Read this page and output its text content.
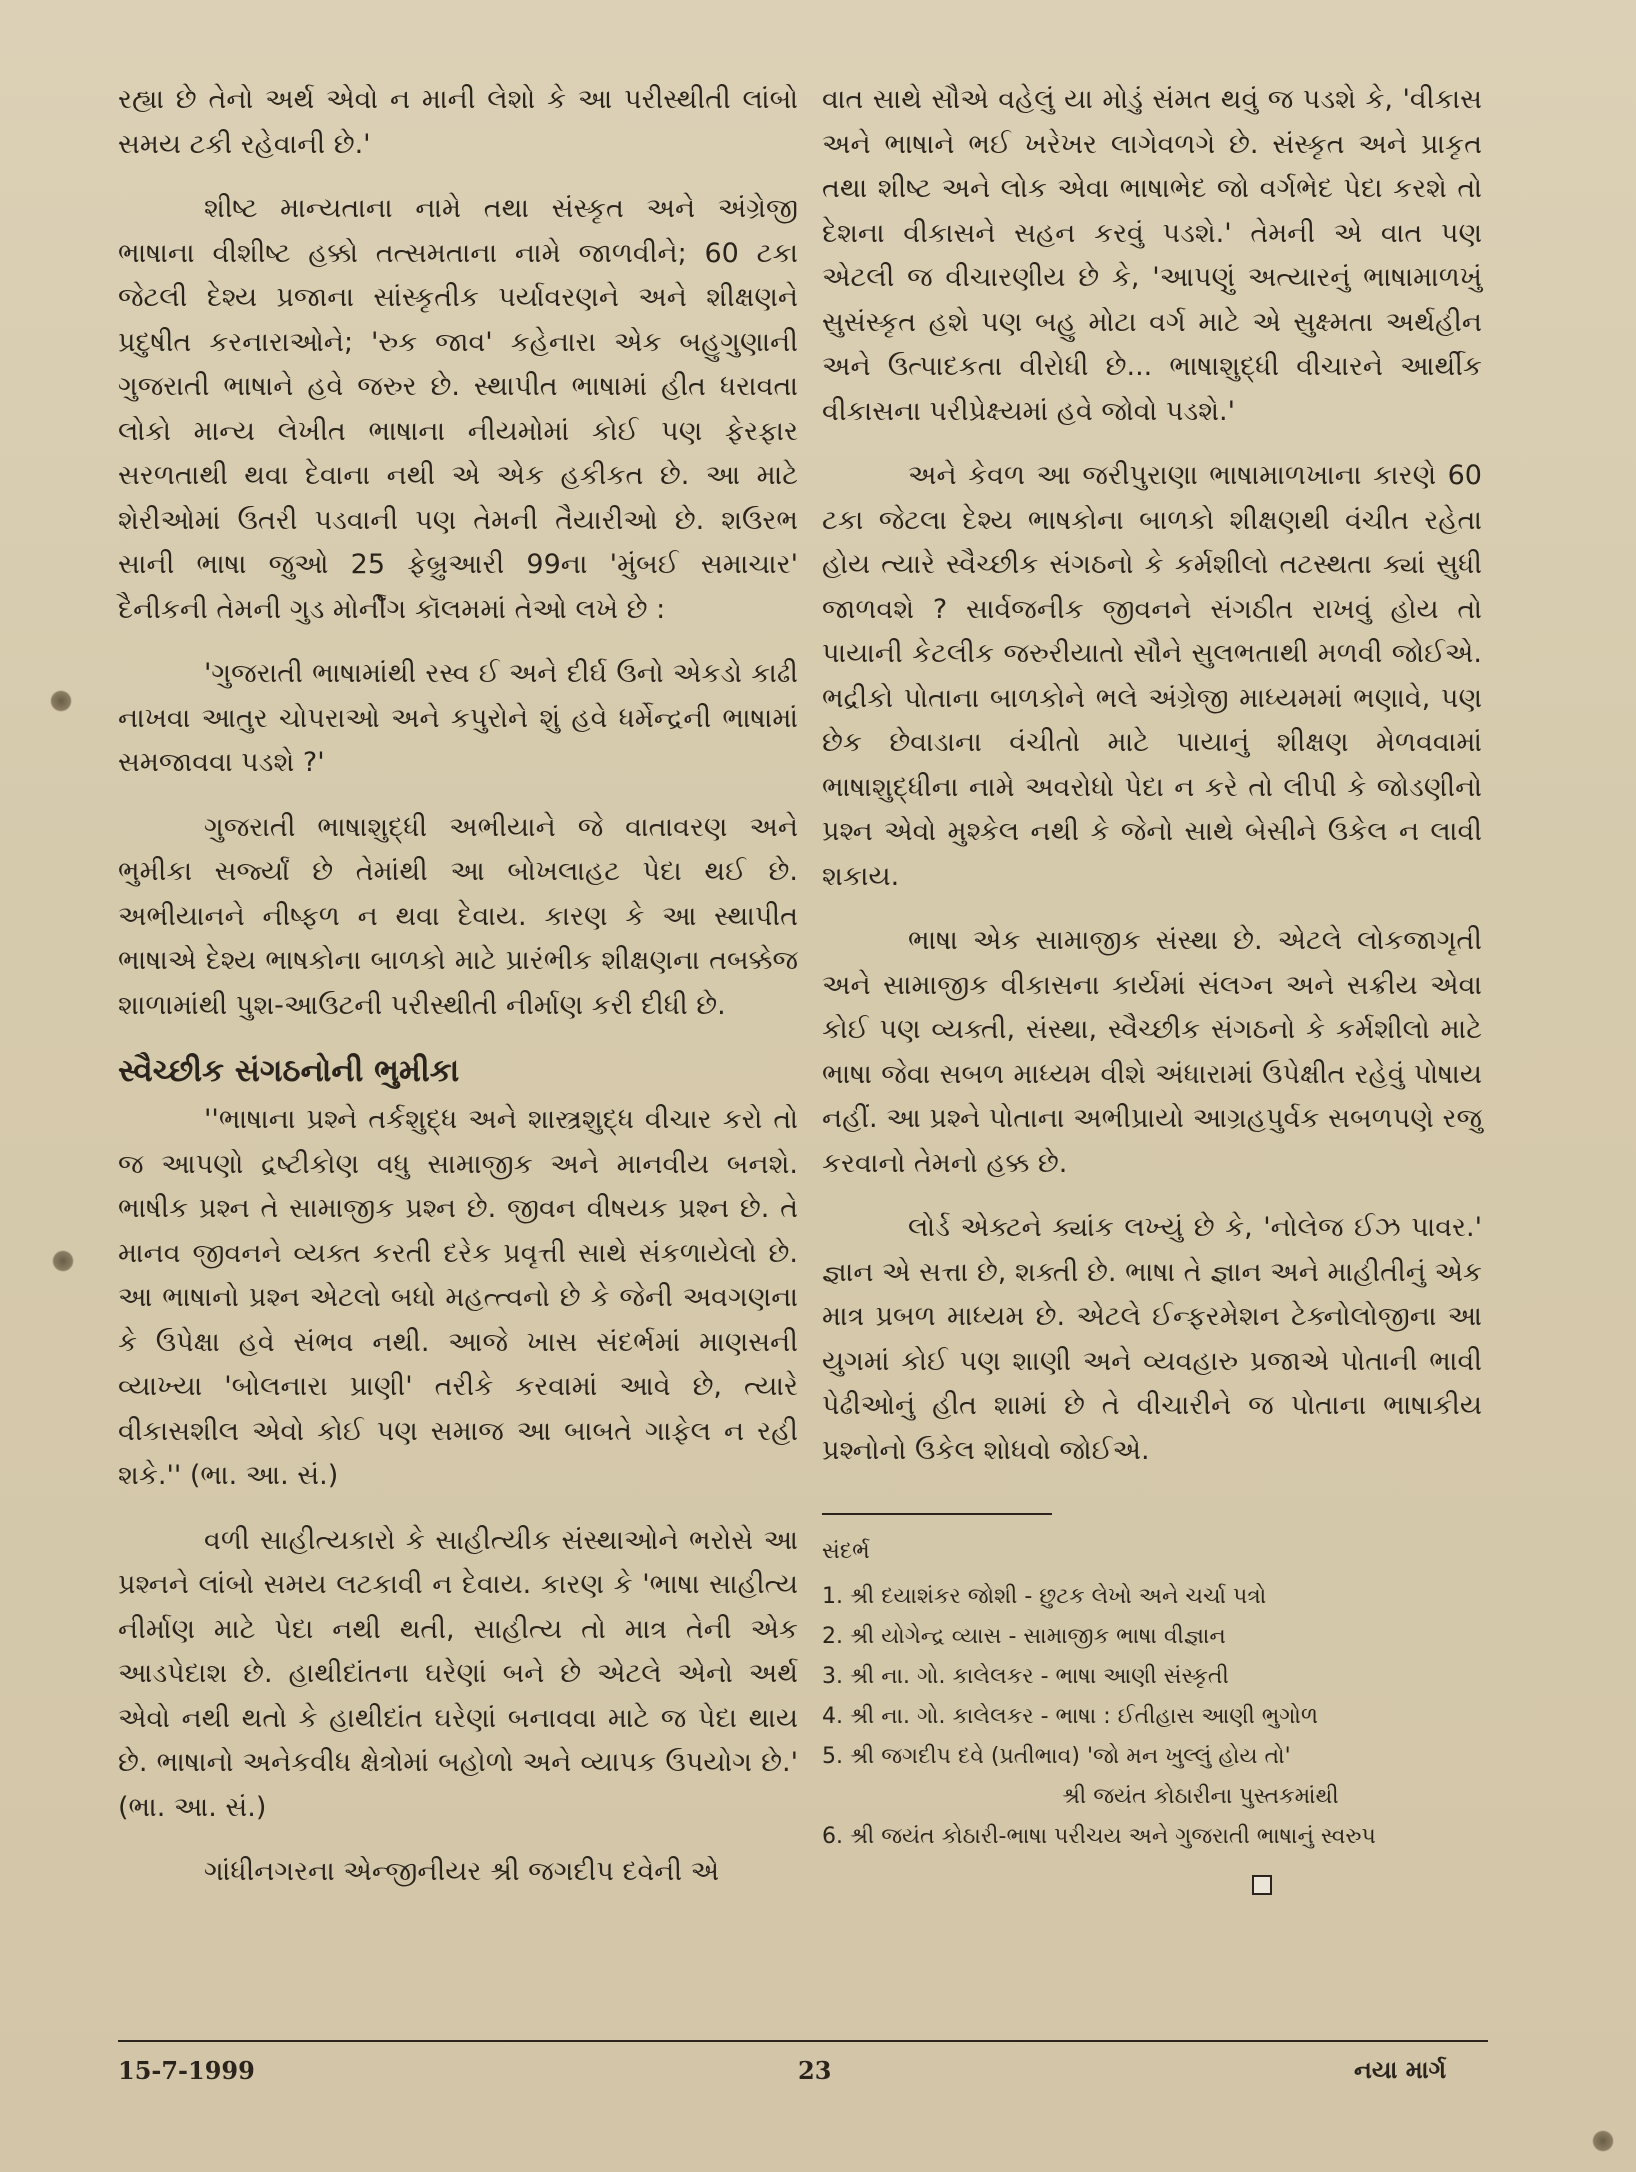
રહ્યા છે તેનો અર્થ એવો ન માની લેશો કે આ પરીસ્થીતી લાંબો સમય ટકી રહેવાની છે.'

શીષ્ટ માન્યતાના નામે તથા સંસ્કૃત અને અંગ્રેજી ભાષાના વીશીષ્ટ હક્કો તત્સમતાના નામે જાળવીને; 60 ટકા જેટલી દેશ્ય પ્રજાના સાંસ્કૃતીક પર્યાવરણને અને શીક્ષણને પ્રદુષીત કરનારાઓને; 'રુક જાવ' કહેનારા એક બહુગુણાની ગુજરાતી ભાષાને હવે જરુર છે. સ્થાપીત ભાષામાં હીત ધરાવતા લોકો માન્ય લેખીત ભાષાના નીયમોમાં કોઈ પણ ફેરફાર સરળતાથી થવા દેવાના નથી એ એક હકીકત છે. આ માટે શેરીઓમાં ઉતરી પડવાની પણ તેમની તૈયારીઓ છે. શઉરભ સાની ભાષા જુઓ 25 ફેબ્રુઆરી 99ના 'મુંબઈ સમાચાર' દૈનીકની તેમની ગુડ મોર્નીંગ કૉલમમાં તેઓ લખે છે :

'ગુજરાતી ભાષામાંથી રસ્વ ઈ અને દીર્ઘ ઉનો એકડો કાઢી નાખવા આતુર ચોપરાઓ અને કપુરોને શું હવે ધર્મેન્દ્રની ભાષામાં સમજાવવા પડશે ?'

ગુજરાતી ભાષાશુદ્ધી અભીયાને જે વાતાવરણ અને ભુમીકા સર્જ્યાં છે તેમાંથી આ બોખલાહટ પેદા થઈ છે. અભીયાનને નીષ્ફળ ન થવા દેવાય. કારણ કે આ સ્થાપીત ભાષાએ દેશ્ય ભાષકોના બાળકો માટે પ્રારંભીક શીક્ષણના તબક્કેજ શાળામાંથી પુશ-આઉટની પરીસ્થીતી નીર્માણ કરી દીધી છે.

સ્વૈચ્છીક સંગઠનોની ભુમીકા

''ભાષાના પ્રશ્ને તર્કશુદ્ધ અને શાસ્ત્રશુદ્ધ વીચાર કરો તો જ આપણો દ્રષ્ટીકોણ વધુ સામાજીક અને માનવીય બનશે. ભાષીક પ્રશ્ન તે સામાજીક પ્રશ્ન છે. જીવન વીષયક પ્રશ્ન છે. તે માનવ જીવનને વ્યક્ત કરતી દરેક પ્રવૃત્તી સાથે સંકળાયેલો છે. આ ભાષાનો પ્રશ્ન એટલો બધો મહત્ત્વનો છે કે જેની અવગણના કે ઉપેક્ષા હવે સંભવ નથી. આજે ખાસ સંદર્ભમાં માણસની વ્યાખ્યા 'બોલનારા પ્રાણી' તરીકે કરવામાં આવે છે, ત્યારે વીકાસશીલ એવો કોઈ પણ સમાજ આ બાબતે ગાફેલ ન રહી શકે.'' (ભા. આ. સં.)

વળી સાહીત્યકારો કે સાહીત્યીક સંસ્થાઓને ભરોસે આ પ્રશ્નને લાંબો સમય લટકાવી ન દેવાય. કારણ કે 'ભાષા સાહીત્ય નીર્માણ માટે પેદા નથી થતી, સાહીત્ય તો માત્ર તેની એક આડપેદાશ છે. હાથીદાંતના ઘરેણાં બને છે એટલે એનો અર્થ એવો નથી થતો કે હાથીદાંત ઘરેણાં બનાવવા માટે જ પેદા થાય છે. ભાષાનો અનેકવીધ ક્ષેત્રોમાં બહોળો અને વ્યાપક ઉપયોગ છે.' (ભા. આ. સં.)

ગાંધીનગરના એન્જીનીયર શ્રી જગદીપ દવેની એ

વાત સાથે સૌએ વહેલું યા મોડું સંમત થવું જ પડશે કે, 'વીકાસ અને ભાષાને ભઈ ખરેખર લાગેવળગે છે. સંસ્કૃત અને પ્રાકૃત તથા શીષ્ટ અને લોક એવા ભાષાભેદ જો વર્ગભેદ પેદા કરશે તો દેશના વીકાસને સહન કરવું પડશે.' તેમની એ વાત પણ એટલી જ વીચારણીય છે કે, 'આપણું અત્યારનું ભાષામાળખું સુસંસ્કૃત હશે પણ બહુ મોટા વર્ગ માટે એ સુક્ષ્મતા અર્થહીન અને ઉત્પાદકતા વીરોધી છે... ભાષાશુદ્ધી વીચારને આર્થીક વીકાસના પરીપ્રેક્ષ્યમાં હવે જોવો પડશે.'

અને કેવળ આ જરીપુરાણા ભાષામાળખાના કારણે 60 ટકા જેટલા દેશ્ય ભાષકોના બાળકો શીક્ષણથી વંચીત રહેતા હોય ત્યારે સ્વૈચ્છીક સંગઠનો કે કર્મશીલો તટસ્થતા ક્યાં સુધી જાળવશે ? સાર્વજનીક જીવનને સંગઠીત રાખવું હોય તો પાયાની કેટલીક જરુરીયાતો સૌને સુલભતાથી મળવી જોઈએ. ભદ્રીકો પોતાના બાળકોને ભલે અંગ્રેજી માધ્યમમાં ભણાવે, પણ છેક છેવાડાના વંચીતો માટે પાયાનું શીક્ષણ મેળવવામાં ભાષાશુદ્ધીના નામે અવરોધો પેદા ન કરે તો લીપી કે જોડણીનો પ્રશ્ન એવો મુશ્કેલ નથી કે જેનો સાથે બેસીને ઉકેલ ન લાવી શકાય.

ભાષા એક સામાજીક સંસ્થા છે. એટલે લોકજાગૃતી અને સામાજીક વીકાસના કાર્યમાં સંલગ્ન અને સક્રીય એવા કોઈ પણ વ્યક્તી, સંસ્થા, સ્વૈચ્છીક સંગઠનો કે કર્મશીલો માટે ભાષા જેવા સબળ માધ્યમ વીશે અંધારામાં ઉપેક્ષીત રહેવું પોષાય નહીં. આ પ્રશ્ને પોતાના અભીપ્રાયો આગ્રહપુર્વક સબળપણે રજુ કરવાનો તેમનો હક્ક છે.

લોર્ડ એક્ટને ક્યાંક લખ્યું છે કે, 'નોલેજ ઈઝ પાવર.' જ્ઞાન એ સત્તા છે, શક્તી છે. ભાષા તે જ્ઞાન અને માહીતીનું એક માત્ર પ્રબળ માધ્યમ છે. એટલે ઈન્ફરમેશન ટેક્નોલોજીના આ યુગમાં કોઈ પણ શાણી અને વ્યવહારુ પ્રજાએ પોતાની ભાવી પેઢીઓનું હીત શામાં છે તે વીચારીને જ પોતાના ભાષાકીય પ્રશ્નોનો ઉકેલ શોધવો જોઈએ.

સંદર્ભ
1. શ્રી દયાશંકર જોશી - છુટક લેખો અને ચર્ચા પત્રો
2. શ્રી યોગેન્દ્ર વ્યાસ - સામાજીક ભાષા વીજ્ઞાન
3. શ્રી ના. ગો. કાલેલકર - ભાષા આણી સંસ્કૃતી
4. શ્રી ના. ગો. કાલેલકર - ભાષા : ઈતીહાસ આણી ભુગોળ
5. શ્રી જગદીપ દવે (પ્રતીભાવ) 'જો મન ખુલ્લું હોય તો'
શ્રી જયંત કોઠારીના પુસ્તકમાંથી
6. શ્રી જયંત કોઠારી-ભાષા પરીચય અને ગુજરાતી ભાષાનું સ્વરુપ
15-7-1999	23	નયા માર્ગ
